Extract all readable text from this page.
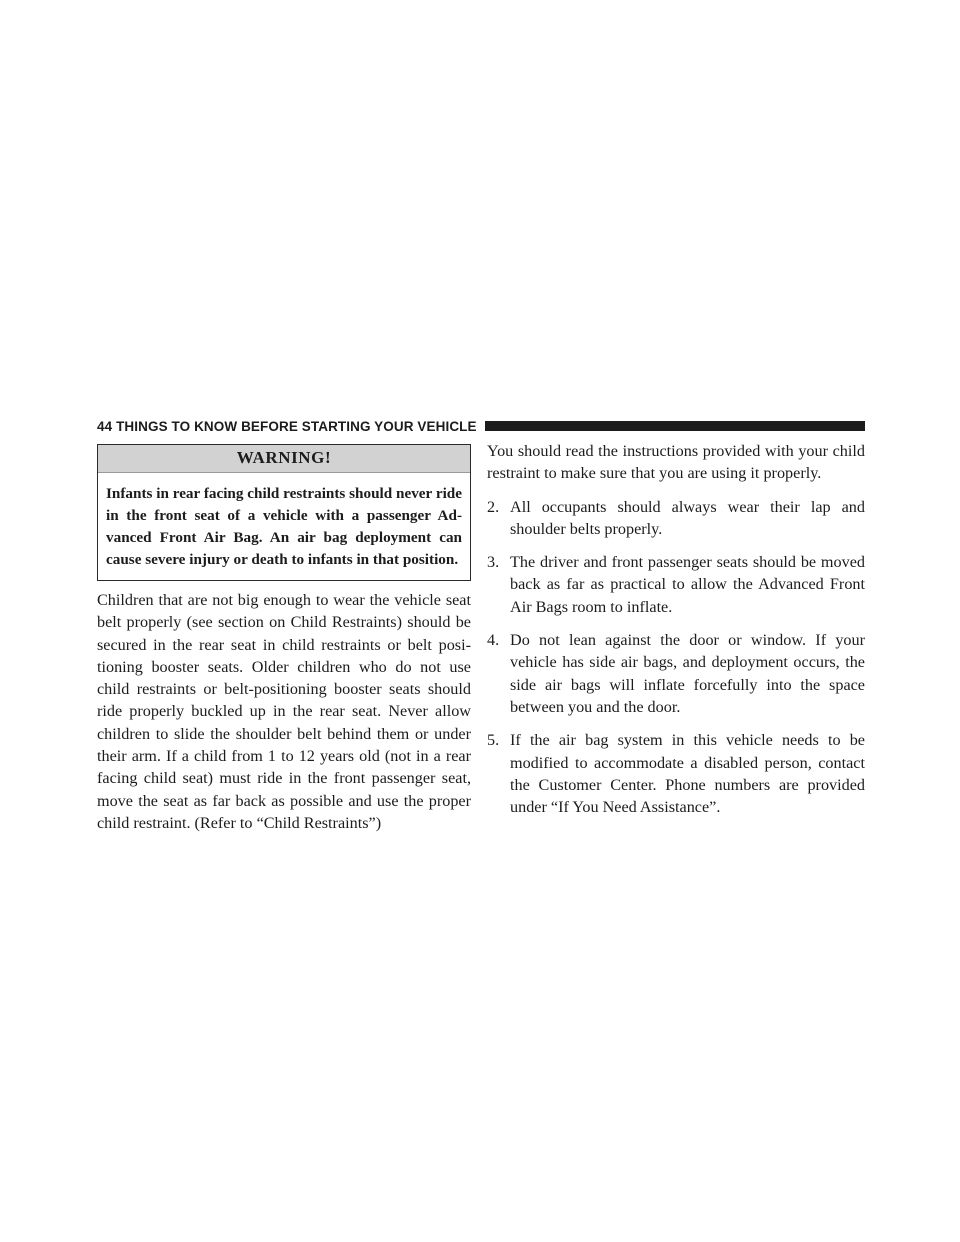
44 THINGS TO KNOW BEFORE STARTING YOUR VEHICLE
WARNING!
Infants in rear facing child restraints should never ride in the front seat of a vehicle with a passenger Advanced Front Air Bag. An air bag deployment can cause severe injury or death to infants in that position.

Children that are not big enough to wear the vehicle seat belt properly (see section on Child Restraints) should be secured in the rear seat in child restraints or belt positioning booster seats. Older children who do not use child restraints or belt-positioning booster seats should ride properly buckled up in the rear seat. Never allow children to slide the shoulder belt behind them or under their arm. If a child from 1 to 12 years old (not in a rear facing child seat) must ride in the front passenger seat, move the seat as far back as possible and use the proper child restraint. (Refer to “Child Restraints”)

You should read the instructions provided with your child restraint to make sure that you are using it properly.

2. All occupants should always wear their lap and shoulder belts properly.
3. The driver and front passenger seats should be moved back as far as practical to allow the Advanced Front Air Bags room to inflate.
4. Do not lean against the door or window. If your vehicle has side air bags, and deployment occurs, the side air bags will inflate forcefully into the space between you and the door.
5. If the air bag system in this vehicle needs to be modified to accommodate a disabled person, contact the Customer Center. Phone numbers are provided under “If You Need Assistance”.
